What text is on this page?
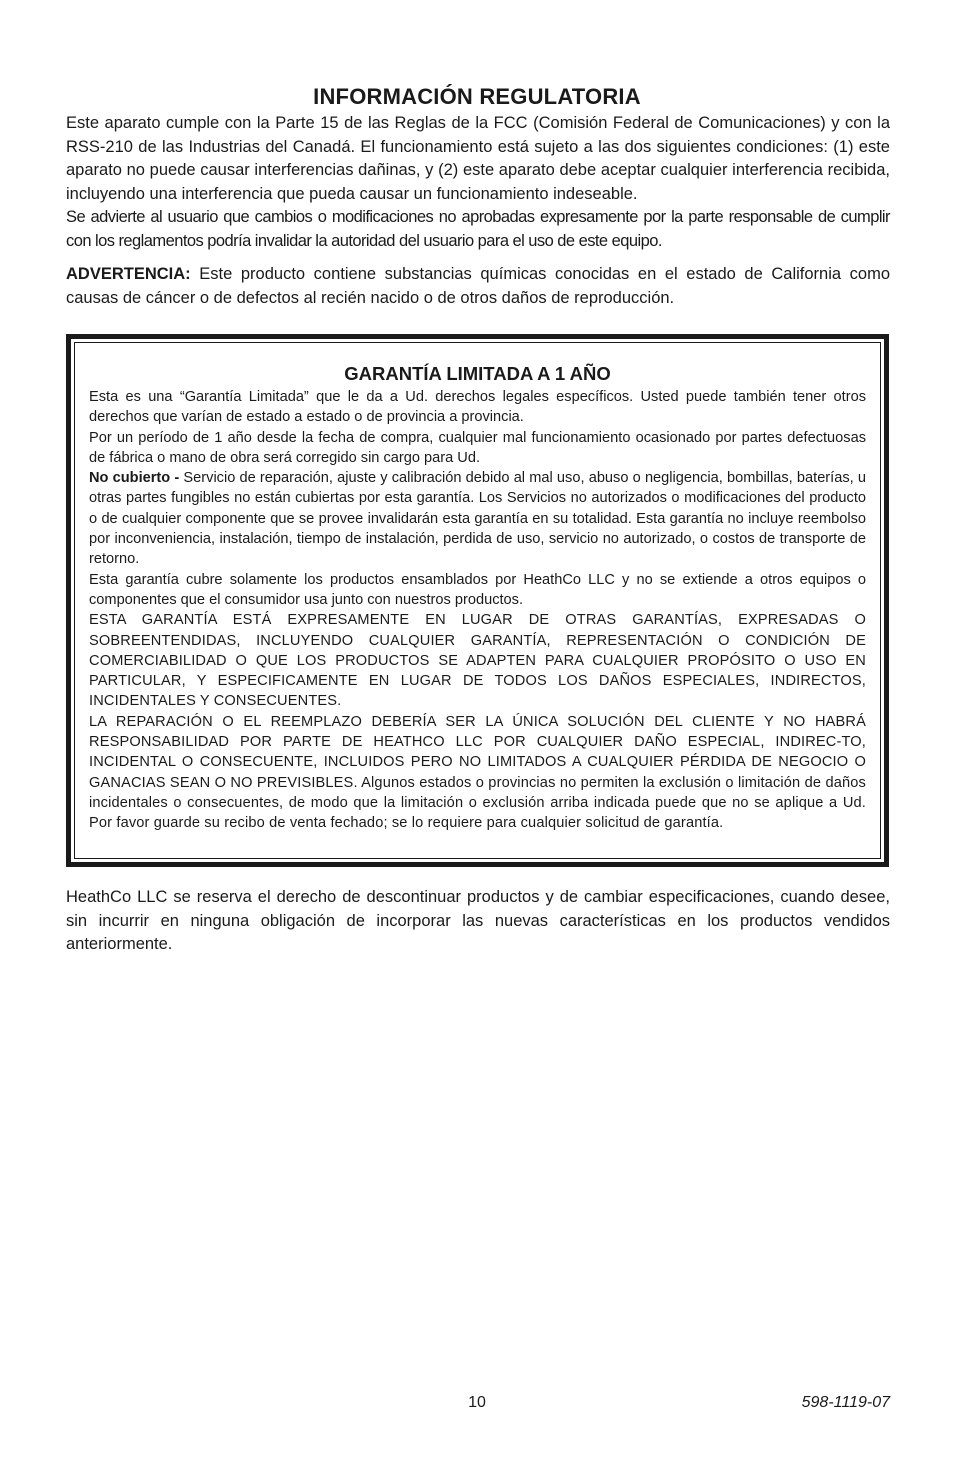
INFORMACIÓN REGULATORIA

Este aparato cumple con la Parte 15 de las Reglas de la FCC (Comisión Federal de Comunicaciones) y con la RSS-210 de las Industrias del Canadá. El funcionamiento está sujeto a las dos siguientes condiciones: (1) este aparato no puede causar interferencias dañinas, y (2) este aparato debe aceptar cualquier interferencia recibida, incluyendo una interferencia que pueda causar un funcionamiento indeseable.

Se advierte al usuario que cambios o modificaciones no aprobadas expresamente por la parte responsable de cumplir con los reglamentos podría invalidar la autoridad del usuario para el uso de este equipo.

ADVERTENCIA: Este producto contiene substancias químicas conocidas en el estado de California como causas de cáncer o de defectos al recién nacido o de otros daños de reproducción.

GARANTÍA LIMITADA A 1 AÑO

Esta es una “Garantía Limitada” que le da a Ud. derechos legales específicos. Usted puede también tener otros derechos que varían de estado a estado o de provincia a provincia.

Por un período de 1 año desde la fecha de compra, cualquier mal funcionamiento ocasionado por partes defectuosas de fábrica o mano de obra será corregido sin cargo para Ud.

No cubierto - Servicio de reparación, ajuste y calibración debido al mal uso, abuso o negligencia, bombillas, baterías, u otras partes fungibles no están cubiertas por esta garantía. Los Servicios no autorizados o modificaciones del producto o de cualquier componente que se provee invalidarán esta garantía en su totalidad. Esta garantía no incluye reembolso por inconveniencia, instalación, tiempo de instalación, perdida de uso, servicio no autorizado, o costos de transporte de retorno.

Esta garantía cubre solamente los productos ensamblados por HeathCo LLC y no se extiende a otros equipos o componentes que el consumidor usa junto con nuestros productos.

ESTA GARANTÍA ESTÁ EXPRESAMENTE EN LUGAR DE OTRAS GARANTÍAS, EXPRESADAS O SOBREENTENDIDAS, INCLUYENDO CUALQUIER GARANTÍA, REPRESENTACIÓN O CONDICIÓN DE COMERCIABILIDAD O QUE LOS PRODUCTOS SE ADAPTEN PARA CUALQUIER PROPÓSITO O USO EN PARTICULAR, Y ESPECIFICAMENTE EN LUGAR DE TODOS LOS DAÑOS ESPECIALES, INDIRECTOS, INCIDENTALES Y CONSECUENTES.

LA REPARACIÓN O EL REEMPLAZO DEBERÍA SER LA ÚNICA SOLUCIÓN DEL CLIENTE Y NO HABRÁ RESPONSABILIDAD POR PARTE DE HEATHCO LLC POR CUALQUIER DAÑO ESPECIAL, INDIREC-TO, INCIDENTAL O CONSECUENTE, INCLUIDOS PERO NO LIMITADOS A CUALQUIER PÉRDIDA DE NEGOCIO O GANACIAS SEAN O NO PREVISIBLES. Algunos estados o provincias no permiten la exclusión o limitación de daños incidentales o consecuentes, de modo que la limitación o exclusión arriba indicada puede que no se aplique a Ud. Por favor guarde su recibo de venta fechado; se lo requiere para cualquier solicitud de garantía.

HeathCo LLC se reserva el derecho de descontinuar productos y de cambiar especificaciones, cuando desee, sin incurrir en ninguna obligación de incorporar las nuevas características en los productos vendidos anteriormente.

10	598-1119-07
